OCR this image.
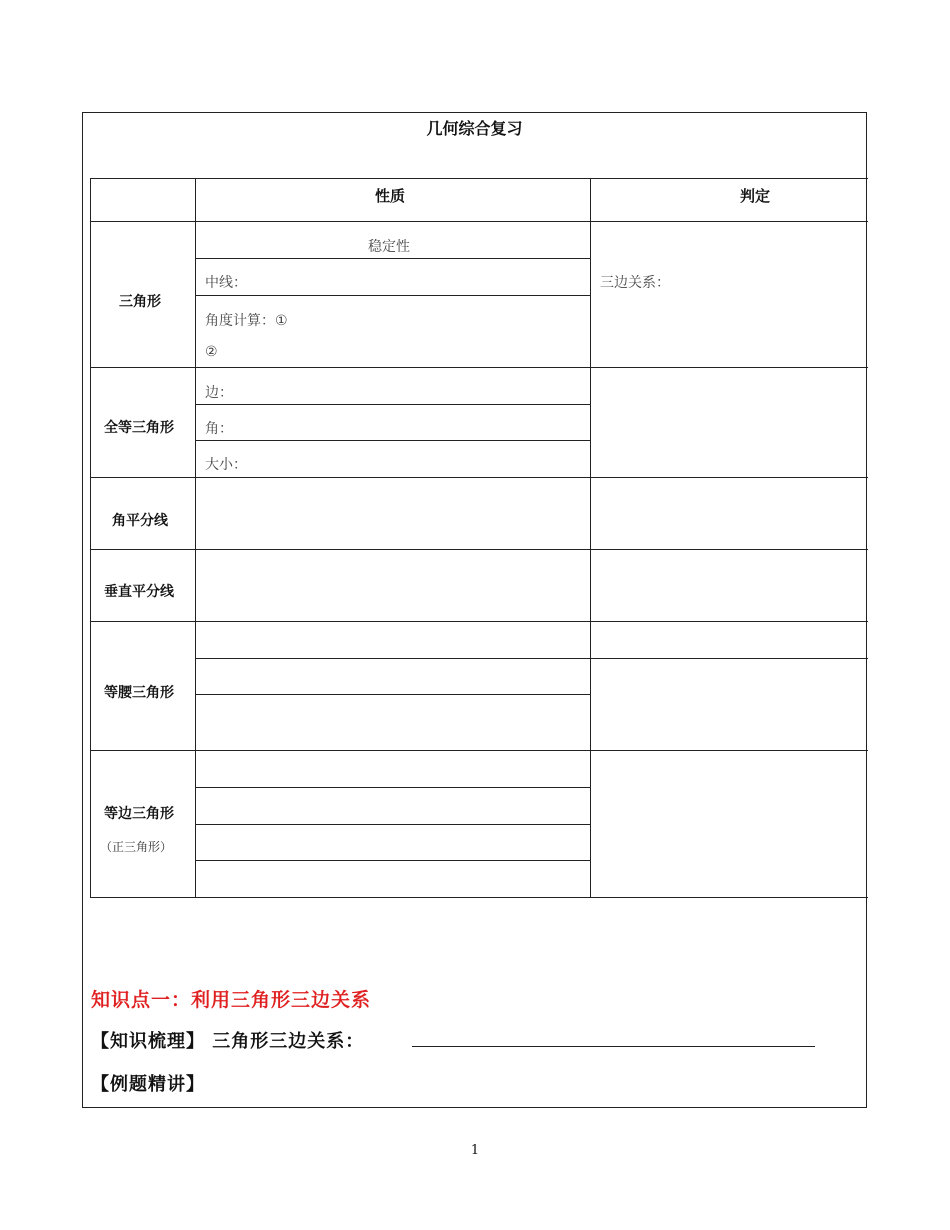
几何综合复习
性质	判定
三角形
稳定性
中线：
角度计算：①
②
三边关系：
全等三角形
边：
角：
大小：
角平分线
垂直平分线
等腰三角形
等边三角形
（正三角形）
知识点一：利用三角形三边关系
【知识梳理】 三角形三边关系：
【例题精讲】
1
